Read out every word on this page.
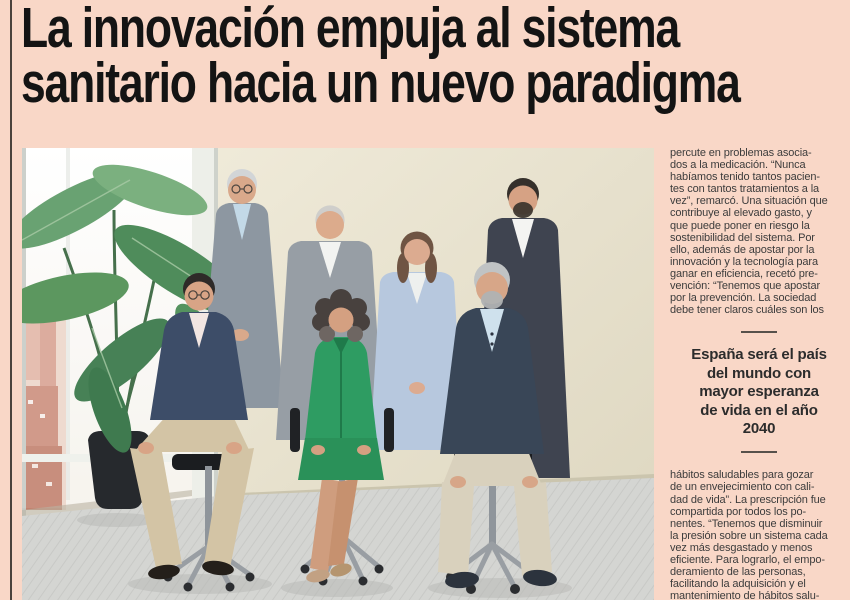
La innovación empuja al sistema
sanitario hacia un nuevo paradigma
percute en problemas asocia-
dos a la medicación. “Nunca
habíamos tenido tantos pacien-
tes con tantos tratamientos a la
vez”, remarcó. Una situación que
contribuye al elevado gasto, y
que puede poner en riesgo la
sostenibilidad del sistema. Por
ello, además de apostar por la
innovación y la tecnología para
ganar en eficiencia, recetó pre-
vención: “Tenemos que apostar
por la prevención. La sociedad
debe tener claros cuáles son los
España será el país
del mundo con
mayor esperanza
de vida en el año
2040
hábitos saludables para gozar
de un envejecimiento con cali-
dad de vida”. La prescripción fue
compartida por todos los po-
nentes. “Tenemos que disminuir
la presión sobre un sistema cada
vez más desgastado y menos
eficiente. Para lograrlo, el empo-
deramiento de las personas,
facilitando la adquisición y el
mantenimiento de hábitos salu-
